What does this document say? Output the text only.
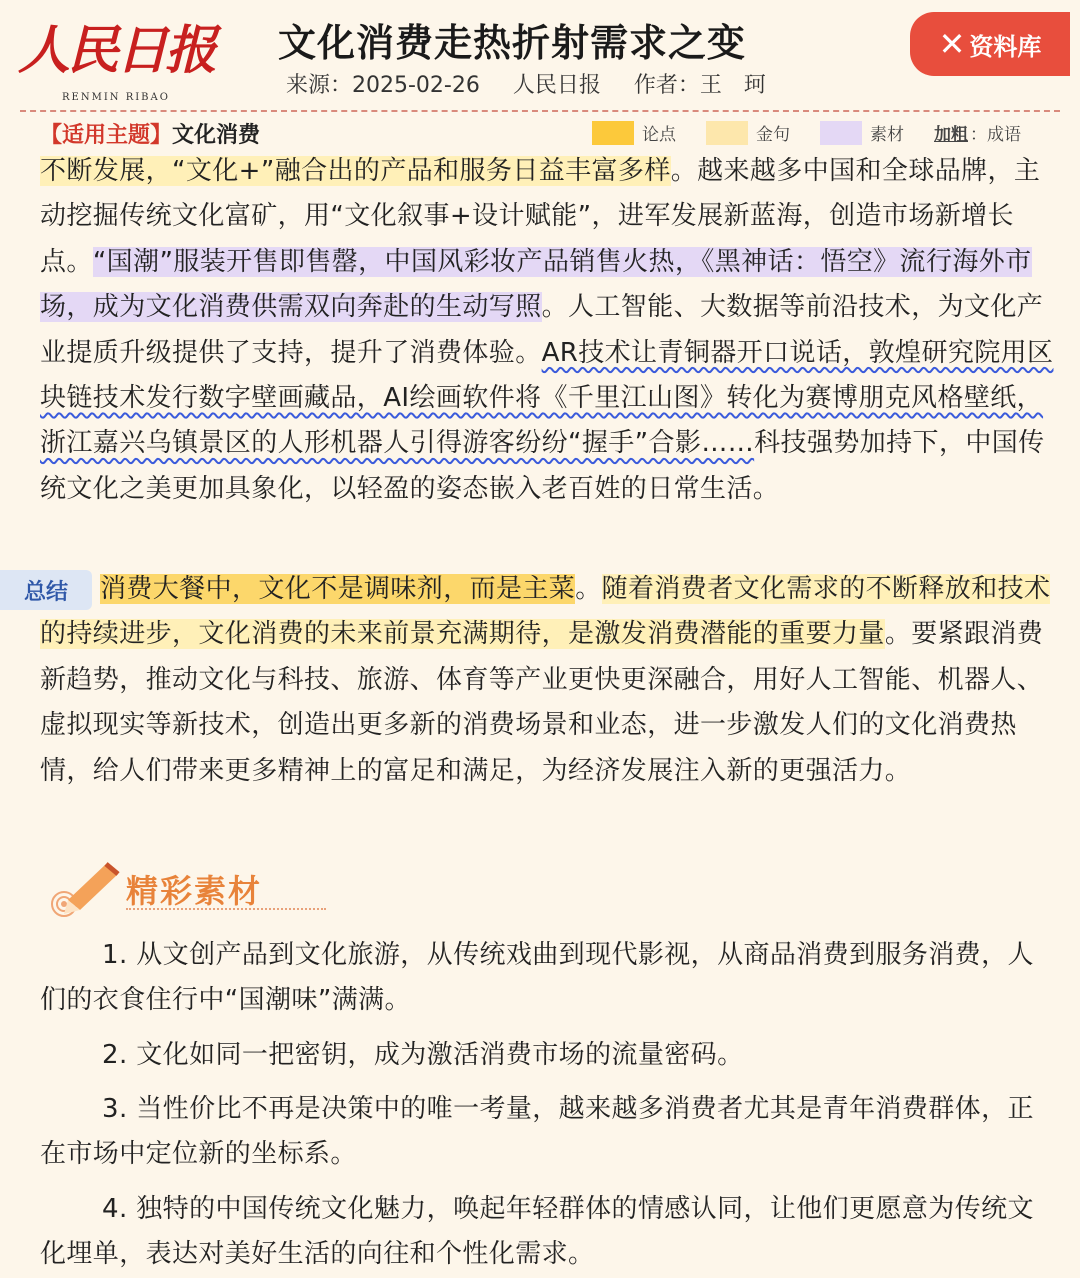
人民日报
RENMIN RIBAO
文化消费走热折射需求之变
来源：2025-02-26 人民日报 作者：王　珂
✕ 资料库
【适用主题】文化消费	论点	金句	素材 加粗 ：成语
不断发展，“文化+”融合出的产品和服务日益丰富多样。越来越多中国和全球品牌，主动挖掘传统文化富矿，用“文化叙事+设计赋能”，进军发展新蓝海，创造市场新增长点。“国潮”服装开售即售罄，中国风彩妆产品销售火热，《黑神话：悟空》流行海外市场，成为文化消费供需双向奔赴的生动写照。人工智能、大数据等前沿技术，为文化产业提质升级提供了支持，提升了消费体验。AR技术让青铜器开口说话，敦煌研究院用区块链技术发行数字壁画藏品，AI绘画软件将《千里江山图》转化为赛博朋克风格壁纸，浙江嘉兴乌镇景区的人形机器人引得游客纷纷“握手”合影……科技强势加持下，中国传统文化之美更加具象化，以轻盈的姿态嵌入老百姓的日常生活。
总结	消费大餐中，文化不是调味剂，而是主菜。随着消费者文化需求的不断释放和技术的持续进步，文化消费的未来前景充满期待，是激发消费潜能的重要力量。要紧跟消费新趋势，推动文化与科技、旅游、体育等产业更快更深融合，用好人工智能、机器人、虚拟现实等新技术，创造出更多新的消费场景和业态，进一步激发人们的文化消费热情，给人们带来更多精神上的富足和满足，为经济发展注入新的更强活力。
精彩素材
1. 从文创产品到文化旅游，从传统戏曲到现代影视，从商品消费到服务消费，人们的衣食住行中“国潮味”满满。
2. 文化如同一把密钥，成为激活消费市场的流量密码。
3. 当性价比不再是决策中的唯一考量，越来越多消费者尤其是青年消费群体，正在市场中定位新的坐标系。
4. 独特的中国传统文化魅力，唤起年轻群体的情感认同，让他们更愿意为传统文化埋单，表达对美好生活的向往和个性化需求。
